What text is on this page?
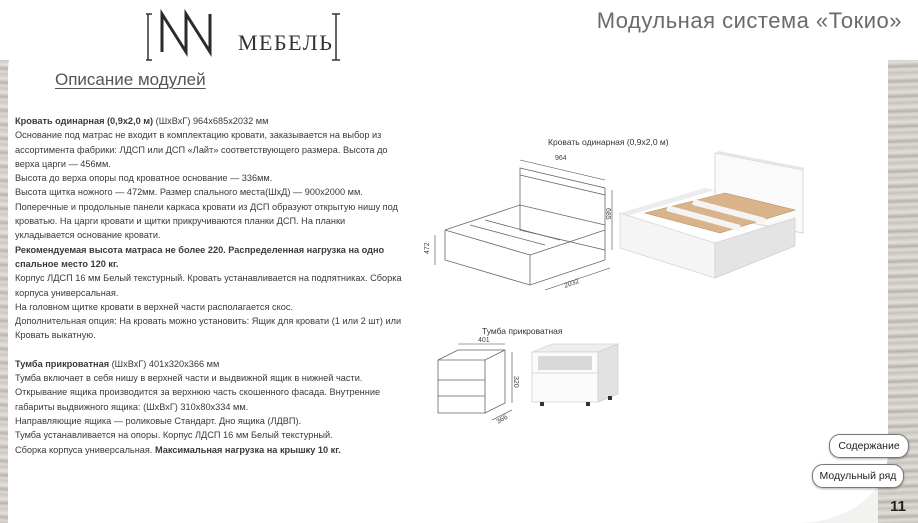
МЕБЕЛЬ
Модульная система «Токио»
Описание модулей

Кровать одинарная (0,9х2,0 м) (ШхВхГ) 964х685х2032 мм

Основание под матрас не входит в комплектацию кровати, заказывается на выбор из ассортимента фабрики: ЛДСП или ДСП «Лайт» соответствующего размера. Высота до верха царги — 456мм.

Высота до верха опоры под кроватное основание — 336мм.

Высота щитка ножного — 472мм. Размер спального места(ШхД) — 900х2000 мм.

Поперечные и продольные панели каркаса кровати из ДСП образуют открытую нишу под кроватью. На царги кровати и щитки прикручиваются планки ДСП. На планки укладывается основание кровати.

Рекомендуемая высота матраса не более 220. Распределенная нагрузка на одно спальное место 120 кг.

Корпус ЛДСП 16 мм Белый текстурный. Кровать устанавливается на подпятниках. Сборка корпуса универсальная.

На головном щитке кровати в верхней части располагается скос.

Дополнительная опция: На кровать можно установить: Ящик для кровати (1 или 2 шт) или Кровать выкатную.

Тумба прикроватная (ШхВхГ) 401х320х366 мм

Тумба включает в себя нишу в верхней части и выдвижной ящик в нижней части. Открывание ящика производится за верхнюю часть скошенного фасада. Внутренние габариты выдвижного ящика: (ШхВхГ) 310х80х334 мм.

Направляющие ящика — роликовые Стандарт. Дно ящика (ЛДВП).

Тумба устанавливается на опоры. Корпус ЛДСП 16 мм Белый текстурный.

Сборка корпуса универсальная. Максимальная нагрузка на крышку 10 кг.

Кровать одинарная (0,9х2,0 м)
964
685
472
2032
Тумба прикроватная
401
320
366
Содержание
Модульный ряд
11
